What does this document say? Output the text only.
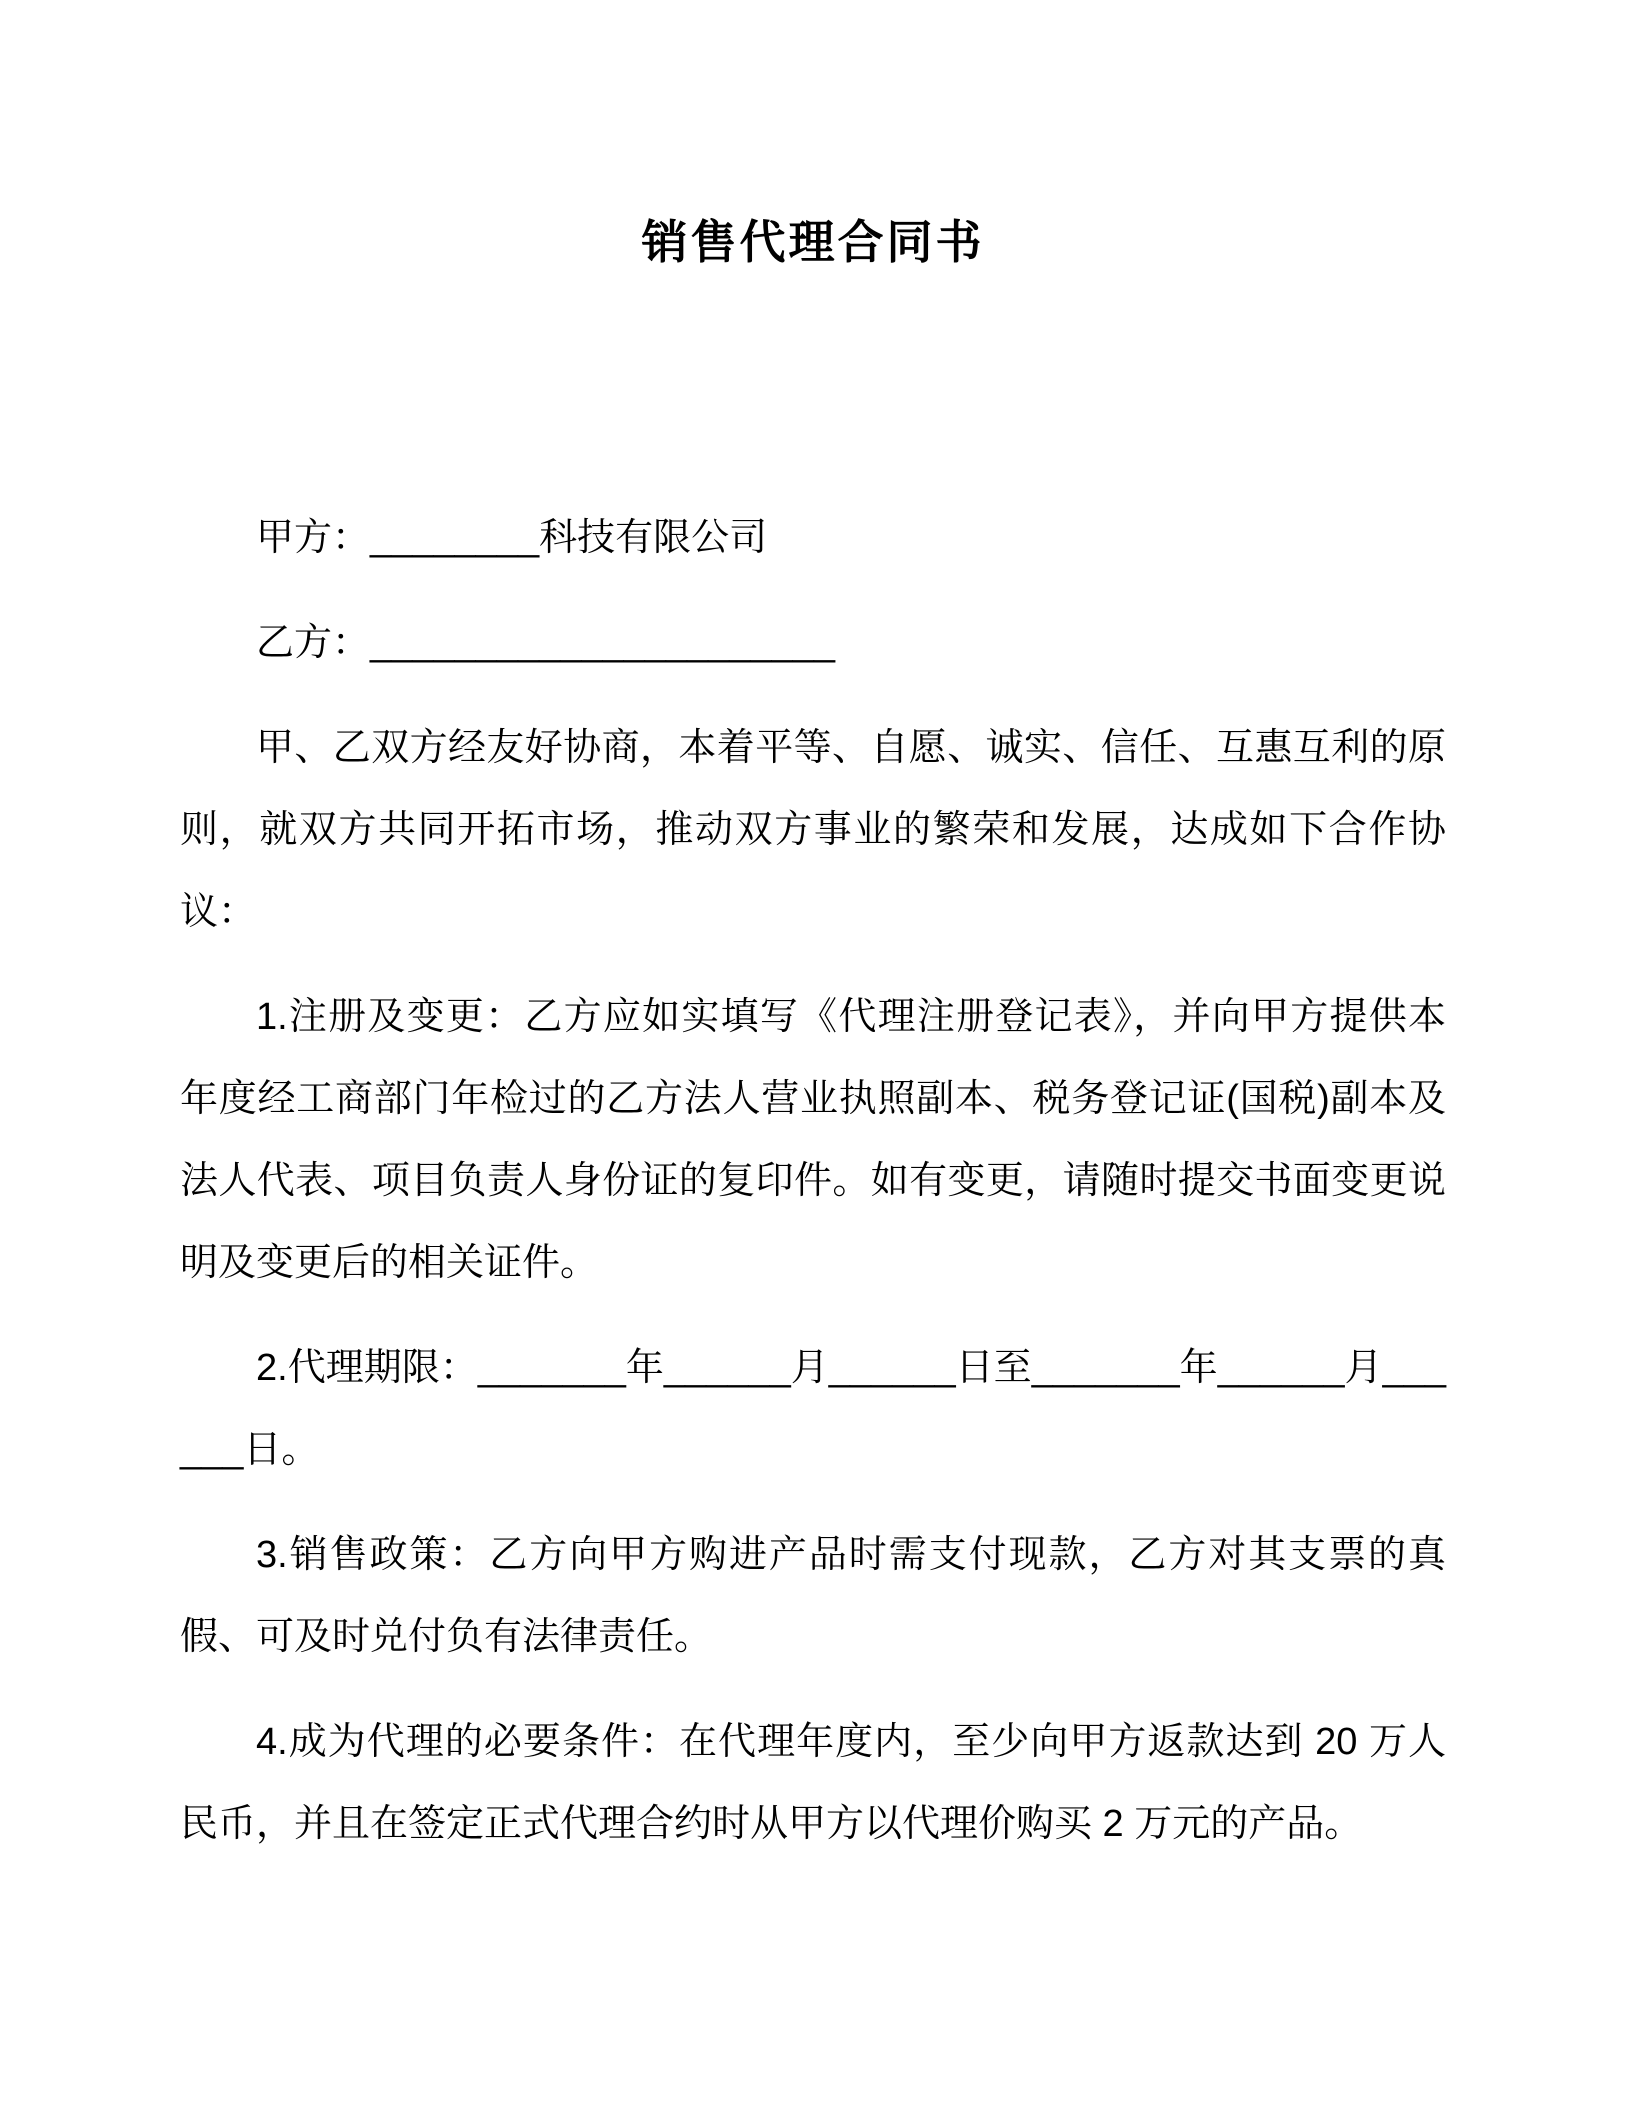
销售代理合同书

甲方：________科技有限公司

乙方：______________________

甲、乙双方经友好协商，本着平等、自愿、诚实、信任、互惠互利的原则，就双方共同开拓市场，推动双方事业的繁荣和发展，达成如下合作协议：

1.注册及变更：乙方应如实填写《代理注册登记表》，并向甲方提供本年度经工商部门年检过的乙方法人营业执照副本、税务登记证(国税)副本及法人代表、项目负责人身份证的复印件。如有变更，请随时提交书面变更说明及变更后的相关证件。

2.代理期限：_______年______月______日至_______年______月______日。

3.销售政策：乙方向甲方购进产品时需支付现款，乙方对其支票的真假、可及时兑付负有法律责任。

4.成为代理的必要条件：在代理年度内，至少向甲方返款达到 20 万人民币，并且在签定正式代理合约时从甲方以代理价购买 2 万元的产品。
